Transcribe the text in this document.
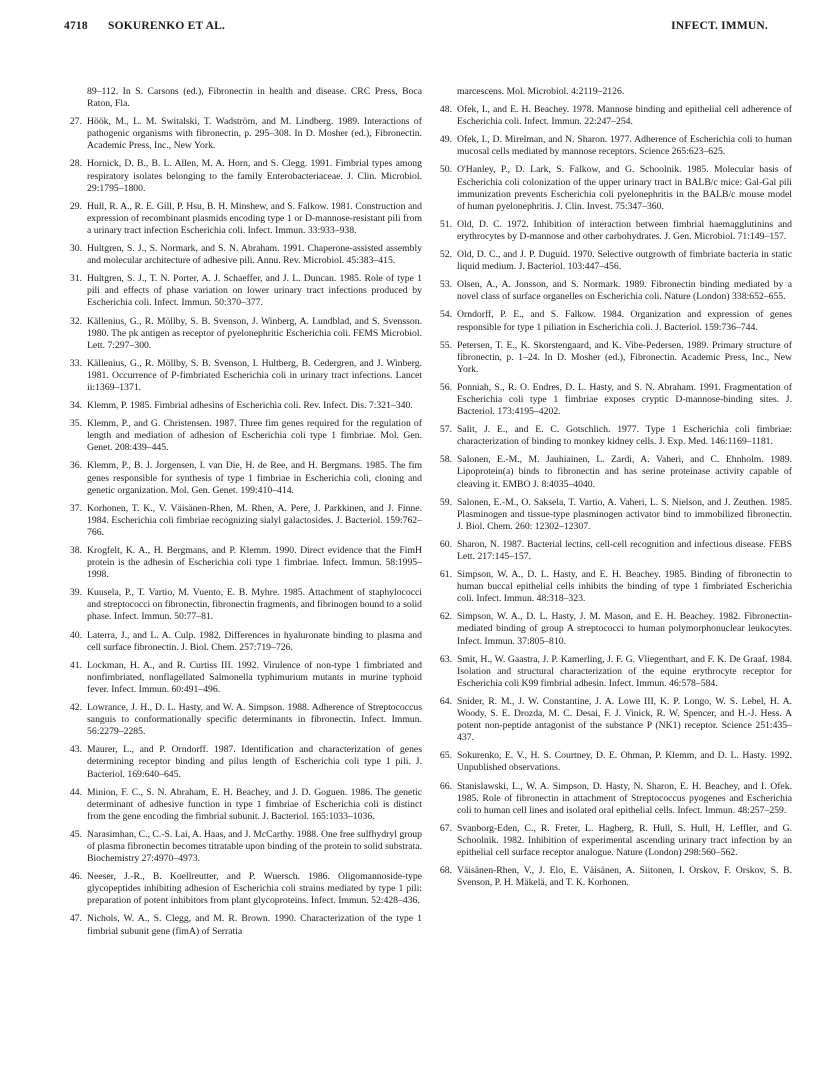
4718 SOKURENKO ET AL.	INFECT. IMMUN.
89–112. In S. Carsons (ed.), Fibronectin in health and disease. CRC Press, Boca Raton, Fla.
27. Höök, M., L. M. Switalski, T. Wadström, and M. Lindberg. 1989. Interactions of pathogenic organisms with fibronectin, p. 295–308. In D. Mosher (ed.), Fibronectin. Academic Press, Inc., New York.
28. Hornick, D. B., B. L. Allen, M. A. Horn, and S. Clegg. 1991. Fimbrial types among respiratory isolates belonging to the family Enterobacteriaceae. J. Clin. Microbiol. 29:1795–1800.
29. Hull, R. A., R. E. Gill, P. Hsu, B. H. Minshew, and S. Falkow. 1981. Construction and expression of recombinant plasmids encoding type 1 or D-mannose-resistant pili from a urinary tract infection Escherichia coli. Infect. Immun. 33:933–938.
30. Hultgren, S. J., S. Normark, and S. N. Abraham. 1991. Chaperone-assisted assembly and molecular architecture of adhesive pili. Annu. Rev. Microbiol. 45:383–415.
31. Hultgren, S. J., T. N. Porter, A. J. Schaeffer, and J. L. Duncan. 1985. Role of type 1 pili and effects of phase variation on lower urinary tract infections produced by Escherichia coli. Infect. Immun. 50:370–377.
32. Källenius, G., R. Möllby, S. B. Svenson, J. Winberg, A. Lundblad, and S. Svensson. 1980. The pk antigen as receptor of pyelonephritic Escherichia coli. FEMS Microbiol. Lett. 7:297–300.
33. Källenius, G., R. Möllby, S. B. Svenson, I. Hultberg, B. Cedergren, and J. Winberg. 1981. Occurrence of P-fimbriated Escherichia coli in urinary tract infections. Lancet ii:1369–1371.
34. Klemm, P. 1985. Fimbrial adhesins of Escherichia coli. Rev. Infect. Dis. 7:321–340.
35. Klemm, P., and G. Christensen. 1987. Three fim genes required for the regulation of length and mediation of adhesion of Escherichia coli type 1 fimbriae. Mol. Gen. Genet. 208:439–445.
36. Klemm, P., B. J. Jorgensen, I. van Die, H. de Ree, and H. Bergmans. 1985. The fim genes responsible for synthesis of type 1 fimbriae in Escherichia coli, cloning and genetic organization. Mol. Gen. Genet. 199:410–414.
37. Korhonen, T. K., V. Väisänen-Rhen, M. Rhen, A. Pere, J. Parkkinen, and J. Finne. 1984. Escherichia coli fimbriae recognizing sialyl galactosides. J. Bacteriol. 159:762–766.
38. Krogfelt, K. A., H. Bergmans, and P. Klemm. 1990. Direct evidence that the FimH protein is the adhesin of Escherichia coli type 1 fimbriae. Infect. Immun. 58:1995–1998.
39. Kuusela, P., T. Vartio, M. Vuento, E. B. Myhre. 1985. Attachment of staphylococci and streptococci on fibronectin, fibronectin fragments, and fibrinogen bound to a solid phase. Infect. Immun. 50:77–81.
40. Laterra, J., and L. A. Culp. 1982. Differences in hyaluronate binding to plasma and cell surface fibronectin. J. Biol. Chem. 257:719–726.
41. Lockman, H. A., and R. Curtiss III. 1992. Virulence of non-type 1 fimbriated and nonfimbriated, nonflagellated Salmonella typhimurium mutants in murine typhoid fever. Infect. Immun. 60:491–496.
42. Lowrance, J. H., D. L. Hasty, and W. A. Simpson. 1988. Adherence of Streptococcus sanguis to conformationally specific determinants in fibronectin. Infect. Immun. 56:2279–2285.
43. Maurer, L., and P. Orndorff. 1987. Identification and characterization of genes determining receptor binding and pilus length of Escherichia coli type 1 pili. J. Bacteriol. 169:640–645.
44. Minion, F. C., S. N. Abraham, E. H. Beachey, and J. D. Goguen. 1986. The genetic determinant of adhesive function in type 1 fimbriae of Escherichia coli is distinct from the gene encoding the fimbrial subunit. J. Bacteriol. 165:1033–1036.
45. Narasimhan, C., C.-S. Lai, A. Haas, and J. McCarthy. 1988. One free sulfhydryl group of plasma fibronectin becomes titratable upon binding of the protein to solid substrata. Biochemistry 27:4970–4973.
46. Neeser, J.-R., B. Koellreutter, and P. Wuersch. 1986. Oligomannoside-type glycopeptides inhibiting adhesion of Escherichia coli strains mediated by type 1 pili: preparation of potent inhibitors from plant glycoproteins. Infect. Immun. 52:428–436.
47. Nichols, W. A., S. Clegg, and M. R. Brown. 1990. Characterization of the type 1 fimbrial subunit gene (fimA) of Serratia
marcescens. Mol. Microbiol. 4:2119–2126.
48. Ofek, I., and E. H. Beachey. 1978. Mannose binding and epithelial cell adherence of Escherichia coli. Infect. Immun. 22:247–254.
49. Ofek, I., D. Mirelman, and N. Sharon. 1977. Adherence of Escherichia coli to human mucosal cells mediated by mannose receptors. Science 265:623–625.
50. O'Hanley, P., D. Lark, S. Falkow, and G. Schoolnik. 1985. Molecular basis of Escherichia coli colonization of the upper urinary tract in BALB/c mice: Gal-Gal pili immunization prevents Escherichia coli pyelonephritis in the BALB/c mouse model of human pyelonephritis. J. Clin. Invest. 75:347–360.
51. Old, D. C. 1972. Inhibition of interaction between fimbrial haemagglutinins and erythrocytes by D-mannose and other carbohydrates. J. Gen. Microbiol. 71:149–157.
52. Old, D. C., and J. P. Duguid. 1970. Selective outgrowth of fimbriate bacteria in static liquid medium. J. Bacteriol. 103:447–456.
53. Olsen, A., A. Jonsson, and S. Normark. 1989. Fibronectin binding mediated by a novel class of surface organelles on Escherichia coli. Nature (London) 338:652–655.
54. Orndorff, P. E., and S. Falkow. 1984. Organization and expression of genes responsible for type 1 piliation in Escherichia coli. J. Bacteriol. 159:736–744.
55. Petersen, T. E., K. Skorstengaard, and K. Vibe-Pedersen. 1989. Primary structure of fibronectin, p. 1–24. In D. Mosher (ed.), Fibronectin. Academic Press, Inc., New York.
56. Ponniah, S., R. O. Endres, D. L. Hasty, and S. N. Abraham. 1991. Fragmentation of Escherichia coli type 1 fimbriae exposes cryptic D-mannose-binding sites. J. Bacteriol. 173:4195–4202.
57. Salit, J. E., and E. C. Gotschlich. 1977. Type 1 Escherichia coli fimbriae: characterization of binding to monkey kidney cells. J. Exp. Med. 146:1169–1181.
58. Salonen, E.-M., M. Jauhiainen, L. Zardi, A. Vaheri, and C. Ehnholm. 1989. Lipoprotein(a) binds to fibronectin and has serine proteinase activity capable of cleaving it. EMBO J. 8:4035–4040.
59. Salonen, E.-M., O. Saksela, T. Vartio, A. Vaheri, L. S. Nielson, and J. Zeuthen. 1985. Plasminogen and tissue-type plasminogen activator bind to immobilized fibronectin. J. Biol. Chem. 260: 12302–12307.
60. Sharon, N. 1987. Bacterial lectins, cell-cell recognition and infectious disease. FEBS Lett. 217:145–157.
61. Simpson, W. A., D. L. Hasty, and E. H. Beachey. 1985. Binding of fibronectin to human buccal epithelial cells inhibits the binding of type 1 fimbriated Escherichia coli. Infect. Immun. 48:318–323.
62. Simpson, W. A., D. L. Hasty, J. M. Mason, and E. H. Beachey. 1982. Fibronectin-mediated binding of group A streptococci to human polymorphonuclear leukocytes. Infect. Immun. 37:805–810.
63. Smit, H., W. Gaastra, J. P. Kamerling, J. F. G. Vliegenthart, and F. K. De Graaf. 1984. Isolation and structural characterization of the equine erythrocyte receptor for Escherichia coli K99 fimbrial adhesin. Infect. Immun. 46:578–584.
64. Snider, R. M., J. W. Constantine, J. A. Lowe III, K. P. Longo, W. S. Lebel, H. A. Woody, S. E. Drozda, M. C. Desai, F. J. Vinick, R. W. Spencer, and H.-J. Hess. A potent non-peptide antagonist of the substance P (NK1) receptor. Science 251:435–437.
65. Sokurenko, E. V., H. S. Courtney, D. E. Ohman, P. Klemm, and D. L. Hasty. 1992. Unpublished observations.
66. Stanislawski, L., W. A. Simpson, D. Hasty, N. Sharon, E. H. Beachey, and I. Ofek. 1985. Role of fibronectin in attachment of Streptococcus pyogenes and Escherichia coli to human cell lines and isolated oral epithelial cells. Infect. Immun. 48:257–259.
67. Svanborg-Eden, C., R. Freter, L. Hagberg, R. Hull, S. Hull, H. Leffler, and G. Schoolnik. 1982. Inhibition of experimental ascending urinary tract infection by an epithelial cell surface receptor analogue. Nature (London) 298:560–562.
68. Väisänen-Rhen, V., J. Elo, E. Väisänen, A. Siitonen, I. Orskov, F. Orskov, S. B. Svenson, P. H. Mäkelä, and T. K. Korhonen.
